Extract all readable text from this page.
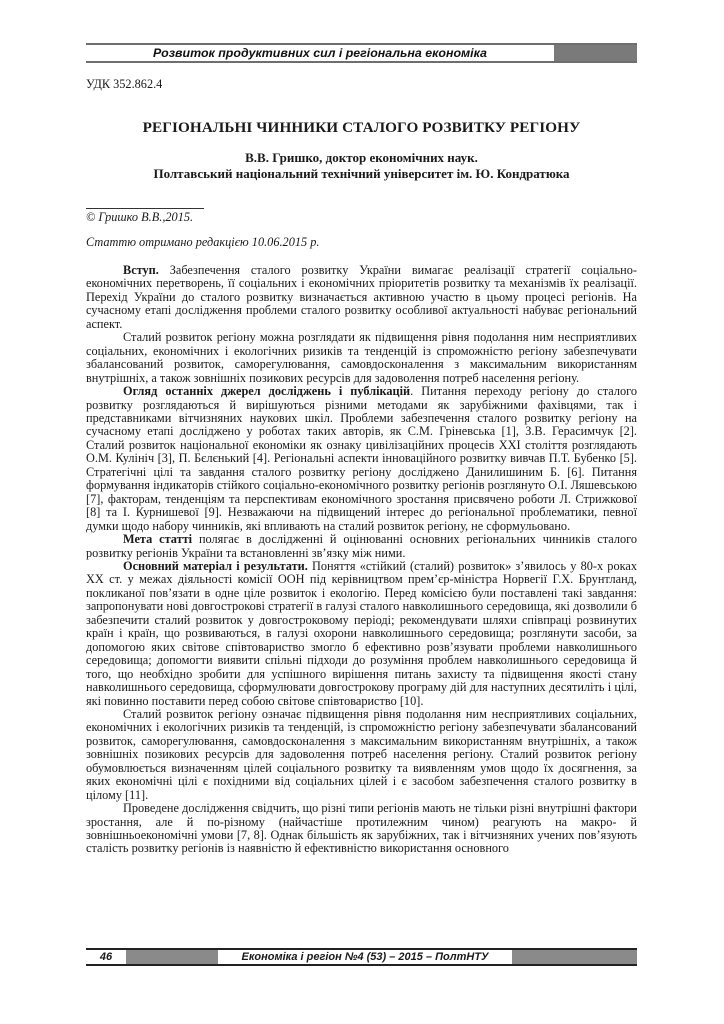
Розвиток продуктивних сил і регіональна економіка
УДК 352.862.4
РЕГІОНАЛЬНІ ЧИННИКИ СТАЛОГО РОЗВИТКУ РЕГІОНУ
В.В. Гришко, доктор економічних наук.
Полтавський національний технічний університет ім. Ю. Кондратюка
© Гришко В.В.,2015.
Статтю отримано редакцією 10.06.2015 р.

Вступ. Забезпечення сталого розвитку України вимагає реалізації стратегії соціально-економічних перетворень, її соціальних і економічних пріоритетів розвитку та механізмів їх реалізації. Перехід України до сталого розвитку визначається активною участю в цьому процесі регіонів. На сучасному етапі дослідження проблеми сталого розвитку особливої актуальності набуває регіональний аспект.

Сталий розвиток регіону можна розглядати як підвищення рівня подолання ним несприятливих соціальних, економічних і екологічних ризиків та тенденцій із спроможністю регіону забезпечувати збалансований розвиток, саморегулювання, самовдосконалення з максимальним використанням внутрішніх, а також зовнішніх позикових ресурсів для задоволення потреб населення регіону.

Огляд останніх джерел досліджень і публікацій. Питання переходу регіону до сталого розвитку розглядаються й вирішуються різними методами як зарубіжними фахівцями, так і представниками вітчизняних наукових шкіл. Проблеми забезпечення сталого розвитку регіону на сучасному етапі досліджено у роботах таких авторів, як С.М. Гріневська [1], З.В. Герасимчук [2]. Сталий розвиток національної економіки як ознаку цивілізаційних процесів XXI століття розглядають О.М. Кулініч [3], П. Бєлєнький [4]. Регіональні аспекти інноваційного розвитку вивчав П.Т. Бубенко [5]. Стратегічні цілі та завдання сталого розвитку регіону досліджено Данилишиним Б. [6]. Питання формування індикаторів стійкого соціально-економічного розвитку регіонів розглянуто О.І. Ляшевською [7], факторам, тенденціям та перспективам економічного зростання присвячено роботи Л. Стрижкової [8] та І. Курнишевої [9]. Незважаючи на підвищений інтерес до регіональної проблематики, певної думки щодо набору чинників, які впливають на сталий розвиток регіону, не сформульовано.

Мета статті полягає в дослідженні й оцінюванні основних регіональних чинників сталого розвитку регіонів України та встановленні зв’язку між ними.

Основний матеріал і результати. Поняття «стійкий (сталий) розвиток» з’явилось у 80-х роках XX ст. у межах діяльності комісії ООН під керівництвом прем’єр-міністра Норвегії Г.Х. Брунтланд, покликаної пов’язати в одне ціле розвиток і екологію. Перед комісією були поставлені такі завдання: запропонувати нові довгострокові стратегії в галузі сталого навколишнього середовища, які дозволили б забезпечити сталий розвиток у довгостроковому періоді; рекомендувати шляхи співпраці розвинутих країн і країн, що розвиваються, в галузі охорони навколишнього середовища; розглянути засоби, за допомогою яких світове співтовариство змогло б ефективно розв’язувати проблеми навколишнього середовища; допомогти виявити спільні підходи до розуміння проблем навколишнього середовища й того, що необхідно зробити для успішного вирішення питань захисту та підвищення якості стану навколишнього середовища, сформулювати довгострокову програму дій для наступних десятиліть і цілі, які повинно поставити перед собою світове співтовариство [10].

Сталий розвиток регіону означає підвищення рівня подолання ним несприятливих соціальних, економічних і екологічних ризиків та тенденцій, із спроможністю регіону забезпечувати збалансований розвиток, саморегулювання, самовдосконалення з максимальним використанням внутрішніх, а також зовнішніх позикових ресурсів для задоволення потреб населення регіону. Сталий розвиток регіону обумовлюється визначенням цілей соціального розвитку та виявленням умов щодо їх досягнення, за яких економічні цілі є похідними від соціальних цілей і є засобом забезпечення сталого розвитку в цілому [11].

Проведене дослідження свідчить, що різні типи регіонів мають не тільки різні внутрішні фактори зростання, але й по-різному (найчастіше протилежним чином) реагують на макро- й зовнішньоекономічні умови [7, 8]. Однак більшість як зарубіжних, так і вітчизняних учених пов’язують сталість розвитку регіонів із наявністю й ефективністю використання основного

46	Економіка і регіон №4 (53) – 2015 – ПолтНТУ
